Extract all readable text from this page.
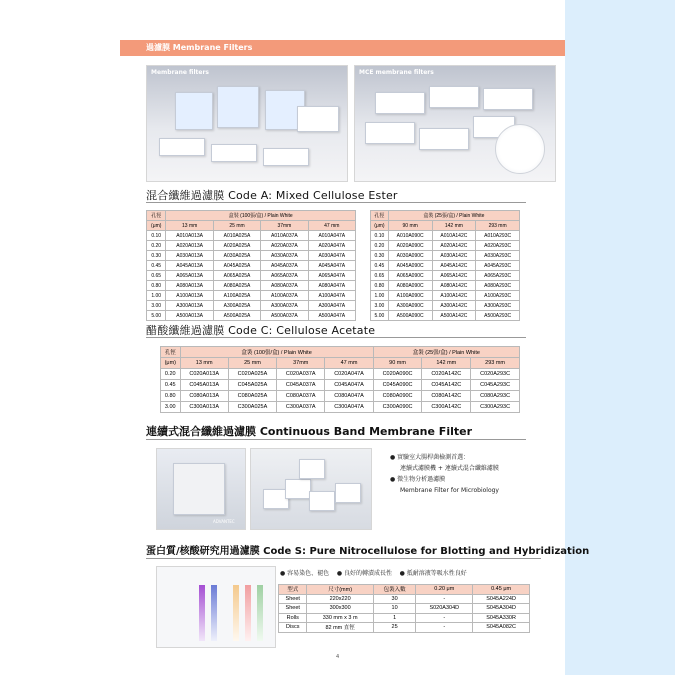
過濾膜 Membrane Filters
Membrane filters	MCE membrane filters
混合纖維過濾膜 Code A: Mixed Cellulose Ester
孔徑	盒裝 (100張/盒) / Plain White			
(μm)	13 mm	25 mm	37mm	47 mm
0.10	A010A013A	A010A025A	A010A037A	A010A047A
0.20	A020A013A	A020A025A	A020A037A	A020A047A
0.30	A030A013A	A030A025A	A030A037A	A030A047A
0.45	A045A013A	A045A025A	A045A037A	A045A047A
0.65	A065A013A	A065A025A	A065A037A	A065A047A
0.80	A080A013A	A080A025A	A080A037A	A080A047A
1.00	A100A013A	A100A025A	A100A037A	A100A047A
3.00	A300A013A	A300A025A	A300A037A	A300A047A
5.00	A500A013A	A500A025A	A500A037A	A500A047A
孔徑	盒裝 (25張/盒) / Plain White		
(μm)	90 mm	142 mm	293 mm
0.10	A010A090C	A010A142C	A010A293C
0.20	A020A090C	A020A142C	A020A293C
0.30	A030A090C	A030A142C	A030A293C
0.45	A045A090C	A045A142C	A045A293C
0.65	A065A090C	A065A142C	A065A293C
0.80	A080A090C	A080A142C	A080A293C
1.00	A100A090C	A100A142C	A100A293C
3.00	A300A090C	A300A142C	A300A293C
5.00	A500A090C	A500A142C	A500A293C
醋酸纖維過濾膜 Code C: Cellulose Acetate
孔徑	盒裝 (100張/盒) / Plain White				盒裝 (25張/盒) / Plain White		
(μm)	13 mm	25 mm	37mm	47 mm	90 mm	142 mm	293 mm
0.20	C020A013A	C020A025A	C020A037A	C020A047A	C020A090C	C020A142C	C020A293C
0.45	C045A013A	C045A025A	C045A037A	C045A047A	C045A090C	C045A142C	C045A293C
0.80	C080A013A	C080A025A	C080A037A	C080A047A	C080A090C	C080A142C	C080A293C
3.00	C300A013A	C300A025A	C300A037A	C300A047A	C300A090C	C300A142C	C300A293C
連續式混合纖維過濾膜 Continuous Band Membrane Filter
ADVANTEC
● 實驗室大腸桿菌檢測首選：
連續式濾膜機 + 連續式混合纖維濾膜
● 微生物分析過濾膜
Membrane Filter for Microbiology
蛋白質/核酸研究用過濾膜 Code S: Pure Nitrocellulose for Blotting and Hybridization
● 容易染色、褪色 ● 良好的轉漬成長性 ● 抵耐溶液等吸水性良好
型式	尺寸(mm)	包裝入數	0.20 μm	0.45 μm
Sheet	220x220	30	-	S045A224D
Sheet	300x300	10	S020A304D	S045A304D
Rolls	330 mm x 3 m	1	-	S045A330R
Discs	82 mm 直徑	25	-	S045A082C
4
